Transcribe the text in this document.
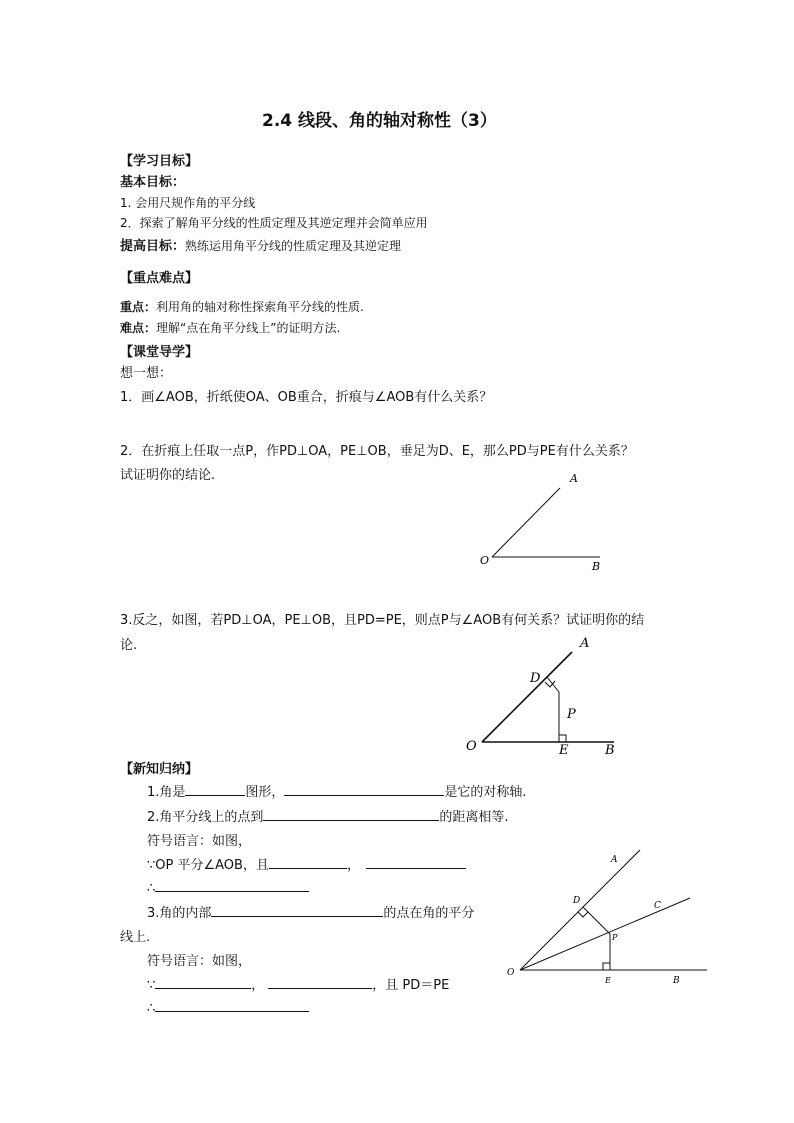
2.4 线段、角的轴对称性（3）
【学习目标】
基本目标：
1. 会用尺规作角的平分线
2．探索了解角平分线的性质定理及其逆定理并会简单应用
提高目标：熟练运用角平分线的性质定理及其逆定理
【重点难点】
重点：利用角的轴对称性探索角平分线的性质.
难点：理解“点在角平分线上”的证明方法.
【课堂导学】
想一想：
1．画∠AOB，折纸使OA、OB重合，折痕与∠AOB有什么关系？
2．在折痕上任取一点P，作PD⊥OA，PE⊥OB，垂足为D、E，那么PD与PE有什么关系？
试证明你的结论.	A
O	B
3.反之，如图，若PD⊥OA，PE⊥OB，且PD=PE，则点P与∠AOB有何关系？试证明你的结
论.	A
D
P
O	E	B
【新知归纳】
1.角是	图形，	是它的对称轴.
2.角平分线上的点到	的距离相等.
符号语言：如图，
∵OP 平分∠AOB，且	，
∴
3.角的内部	的点在角的平分
线上.
符号语言：如图，
∵	，	，且 PD＝PE
∴
A
D	C
P
O
E	B
